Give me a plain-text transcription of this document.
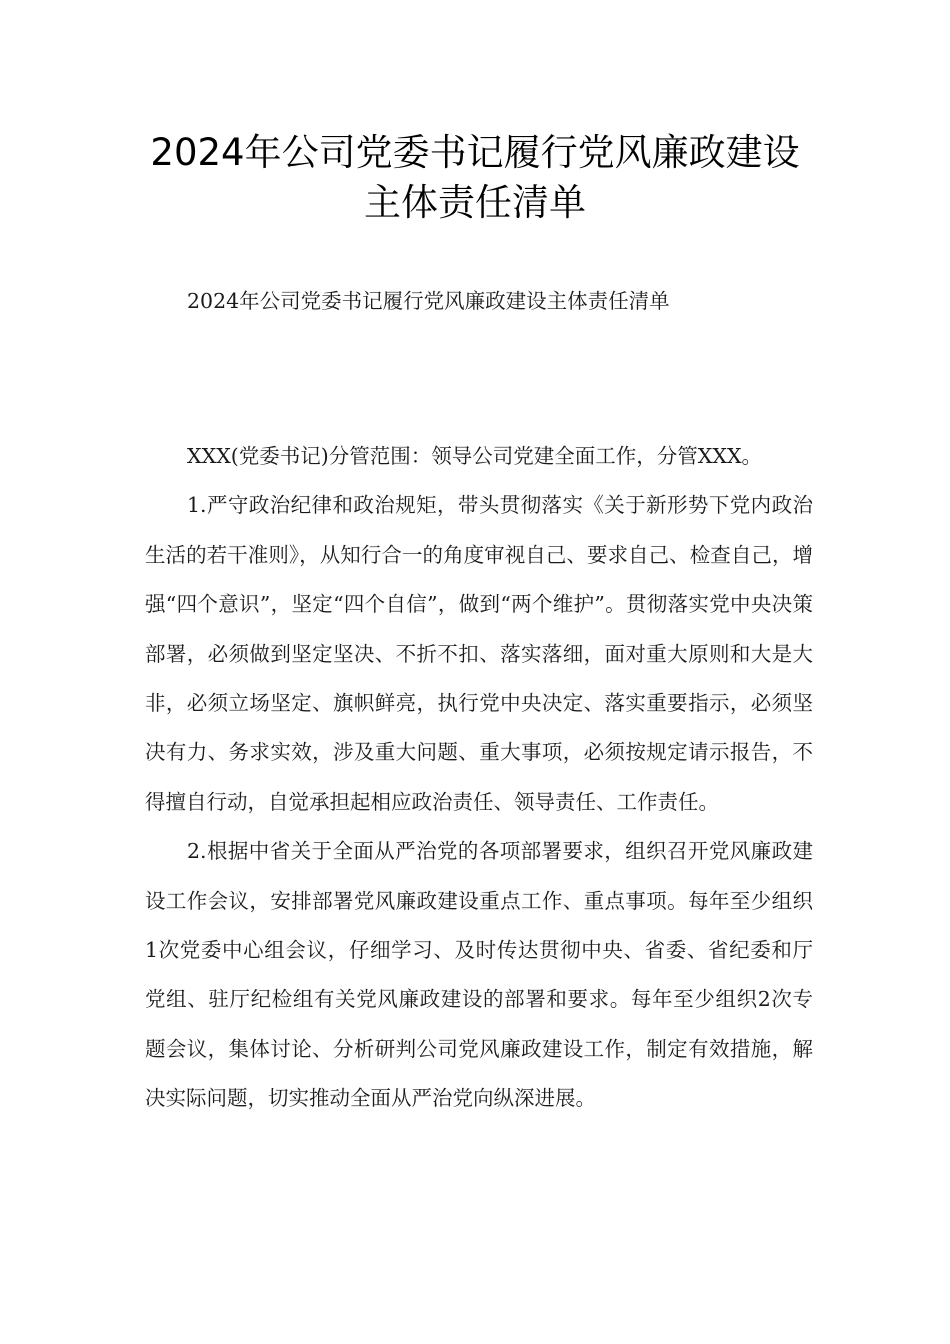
2024年公司党委书记履行党风廉政建设
主体责任清单
2024年公司党委书记履行党风廉政建设主体责任清单

XXX(党委书记)分管范围：领导公司党建全面工作，分管XXX。

1.严守政治纪律和政治规矩，带头贯彻落实《关于新形势下党内政治生活的若干准则》，从知行合一的角度审视自己、要求自己、检查自己，增强“四个意识”，坚定“四个自信”，做到“两个维护”。贯彻落实党中央决策部署，必须做到坚定坚决、不折不扣、落实落细，面对重大原则和大是大非，必须立场坚定、旗帜鲜亮，执行党中央决定、落实重要指示，必须坚决有力、务求实效，涉及重大问题、重大事项，必须按规定请示报告，不得擅自行动，自觉承担起相应政治责任、领导责任、工作责任。

2.根据中省关于全面从严治党的各项部署要求，组织召开党风廉政建设工作会议，安排部署党风廉政建设重点工作、重点事项。每年至少组织1次党委中心组会议，仔细学习、及时传达贯彻中央、省委、省纪委和厅党组、驻厅纪检组有关党风廉政建设的部署和要求。每年至少组织2次专题会议，集体讨论、分析研判公司党风廉政建设工作，制定有效措施，解决实际问题，切实推动全面从严治党向纵深进展。
